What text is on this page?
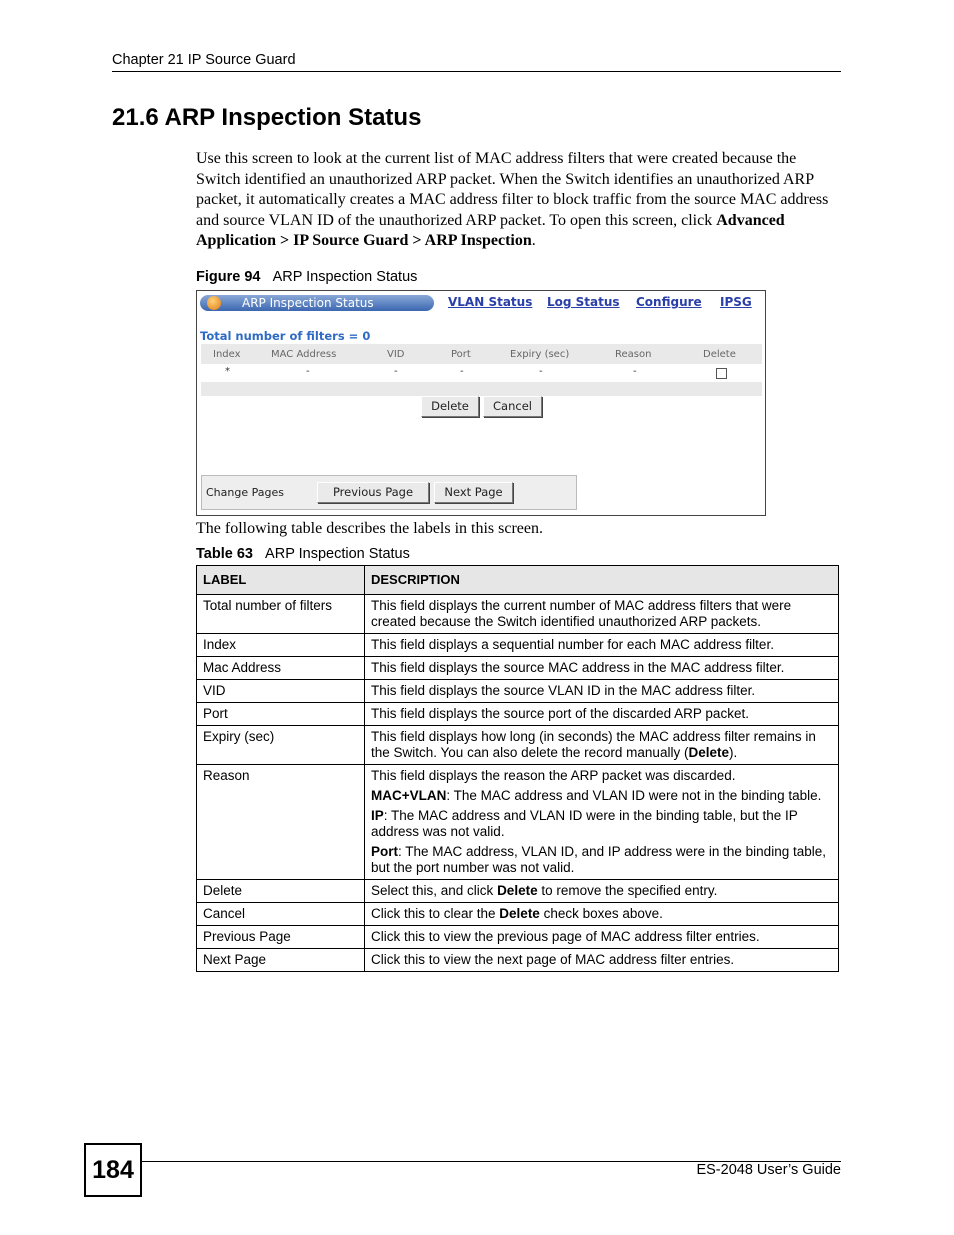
Chapter 21 IP Source Guard
21.6 ARP Inspection Status
Use this screen to look at the current list of MAC address filters that were created because the Switch identified an unauthorized ARP packet. When the Switch identifies an unauthorized ARP packet, it automatically creates a MAC address filter to block traffic from the source MAC address and source VLAN ID of the unauthorized ARP packet. To open this screen, click Advanced Application > IP Source Guard > ARP Inspection.
Figure 94 ARP Inspection Status
ARP Inspection Status	VLAN Status Log Status Configure IPSG
Total number of filters = 0
Index	MAC Address	VID	Port	Expiry (sec)	Reason	Delete
*	-	-	-	-	-
Delete	Cancel
Change Pages	Previous Page	Next Page
The following table describes the labels in this screen.
Table 63 ARP Inspection Status
LABEL	DESCRIPTION
Total number of filters	This field displays the current number of MAC address filters that were created because the Switch identified unauthorized ARP packets.
Index	This field displays a sequential number for each MAC address filter.
Mac Address	This field displays the source MAC address in the MAC address filter.
VID	This field displays the source VLAN ID in the MAC address filter.
Port	This field displays the source port of the discarded ARP packet.
Expiry (sec)	This field displays how long (in seconds) the MAC address filter remains in the Switch. You can also delete the record manually (Delete).
Reason	This field displays the reason the ARP packet was discarded.

MAC+VLAN: The MAC address and VLAN ID were not in the binding table.

IP: The MAC address and VLAN ID were in the binding table, but the IP address was not valid.

Port: The MAC address, VLAN ID, and IP address were in the binding table, but the port number was not valid.

Delete	Select this, and click Delete to remove the specified entry.
Cancel	Click this to clear the Delete check boxes above.
Previous Page	Click this to view the previous page of MAC address filter entries.
Next Page	Click this to view the next page of MAC address filter entries.
184	ES-2048 User’s Guide
